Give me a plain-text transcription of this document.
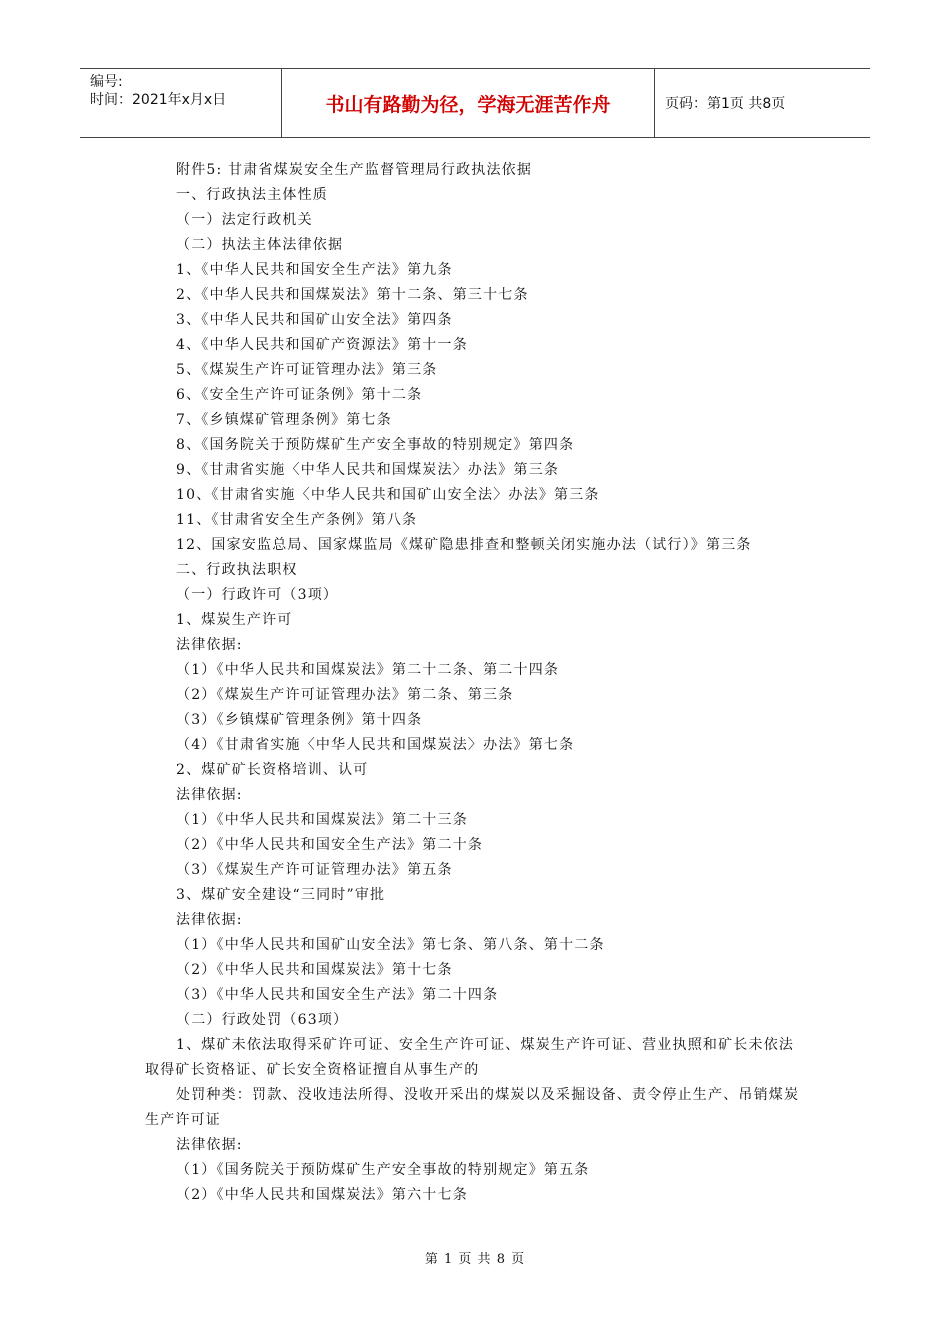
编号:
时间：2021年x月x日	书山有路勤为径，学海无涯苦作舟	页码：第1页 共8页
附件5: 甘肃省煤炭安全生产监督管理局行政执法依据
一、行政执法主体性质
（一）法定行政机关
（二）执法主体法律依据
1、《中华人民共和国安全生产法》第九条
2、《中华人民共和国煤炭法》第十二条、第三十七条
3、《中华人民共和国矿山安全法》第四条
4、《中华人民共和国矿产资源法》第十一条
5、《煤炭生产许可证管理办法》第三条
6、《安全生产许可证条例》第十二条
7、《乡镇煤矿管理条例》第七条
8、《国务院关于预防煤矿生产安全事故的特别规定》第四条
9、《甘肃省实施〈中华人民共和国煤炭法〉办法》第三条
10、《甘肃省实施〈中华人民共和国矿山安全法〉办法》第三条
11、《甘肃省安全生产条例》第八条
12、国家安监总局、国家煤监局《煤矿隐患排查和整顿关闭实施办法（试行）》第三条
二、行政执法职权
（一）行政许可（3项）
1、煤炭生产许可
法律依据:
（1）《中华人民共和国煤炭法》第二十二条、第二十四条
（2）《煤炭生产许可证管理办法》第二条、第三条
（3）《乡镇煤矿管理条例》第十四条
（4）《甘肃省实施〈中华人民共和国煤炭法〉办法》第七条
2、煤矿矿长资格培训、认可
法律依据:
（1）《中华人民共和国煤炭法》第二十三条
（2）《中华人民共和国安全生产法》第二十条
（3）《煤炭生产许可证管理办法》第五条
3、煤矿安全建设“三同时”审批
法律依据:
（1）《中华人民共和国矿山安全法》第七条、第八条、第十二条
（2）《中华人民共和国煤炭法》第十七条
（3）《中华人民共和国安全生产法》第二十四条
（二）行政处罚（63项）
1、煤矿未依法取得采矿许可证、安全生产许可证、煤炭生产许可证、营业执照和矿长未依法取得矿长资格证、矿长安全资格证擅自从事生产的
处罚种类：罚款、没收违法所得、没收开采出的煤炭以及采掘设备、责令停止生产、吊销煤炭生产许可证
法律依据:
（1）《国务院关于预防煤矿生产安全事故的特别规定》第五条
（2）《中华人民共和国煤炭法》第六十七条
第 1 页 共 8 页
